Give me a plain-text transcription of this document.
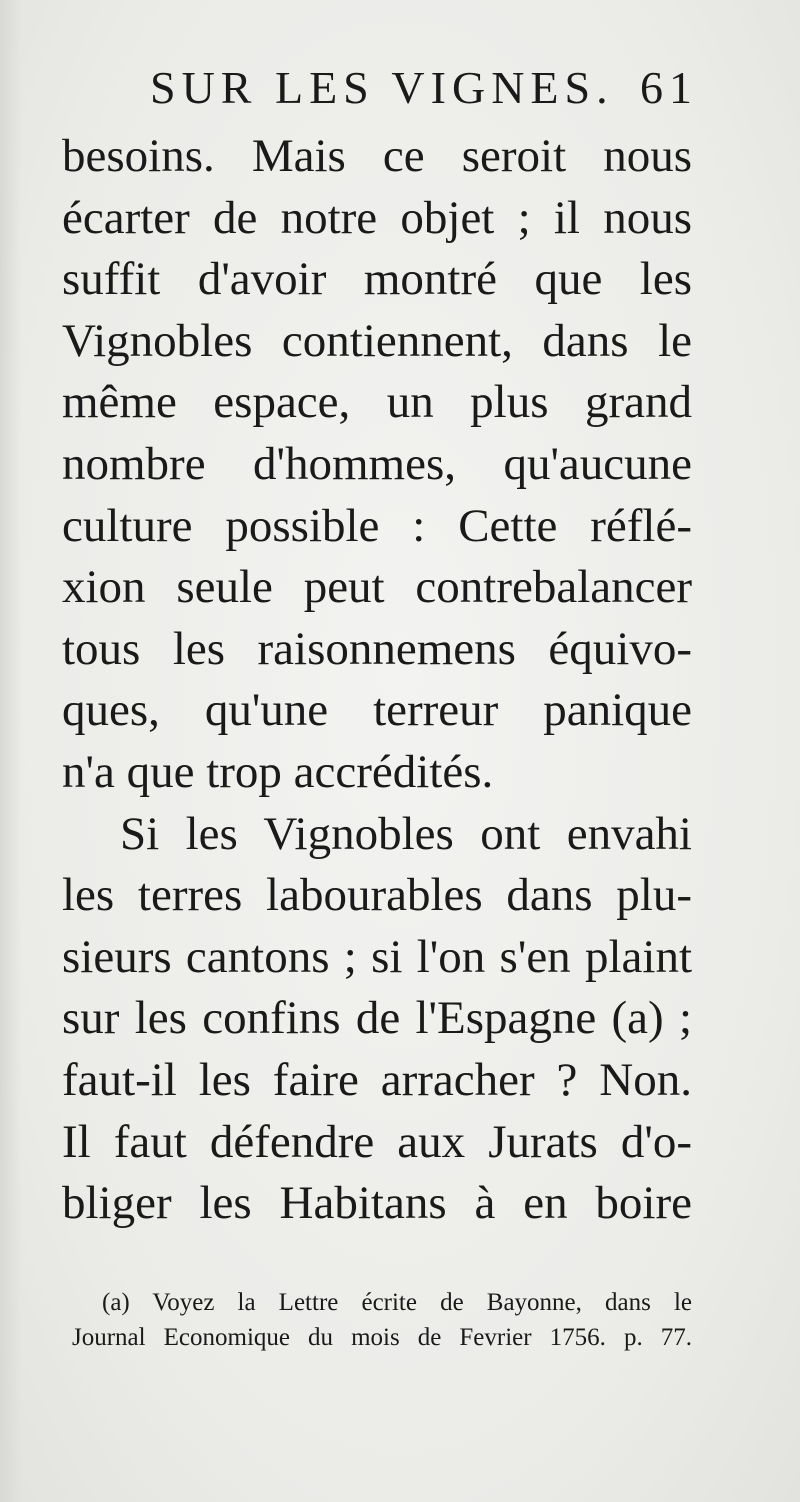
SUR LES VIGNES. 61
besoins. Mais ce seroit nous
écarter de notre objet ; il nous
suffit d'avoir montré que les
Vignobles contiennent, dans le
même espace, un plus grand
nombre d'hommes, qu'aucune
culture possible : Cette réflé-
xion seule peut contrebalancer
tous les raisonnemens équivo-
ques, qu'une terreur panique
n'a que trop accrédités.
Si les Vignobles ont envahi
les terres labourables dans plu-
sieurs cantons ; si l'on s'en plaint
sur les confins de l'Espagne (a) ;
faut-il les faire arracher ? Non.
Il faut défendre aux Jurats d'o-
bliger les Habitans à en boire
(a) Voyez la Lettre écrite de Bayonne, dans le
Journal Economique du mois de Fevrier 1756. p. 77.
